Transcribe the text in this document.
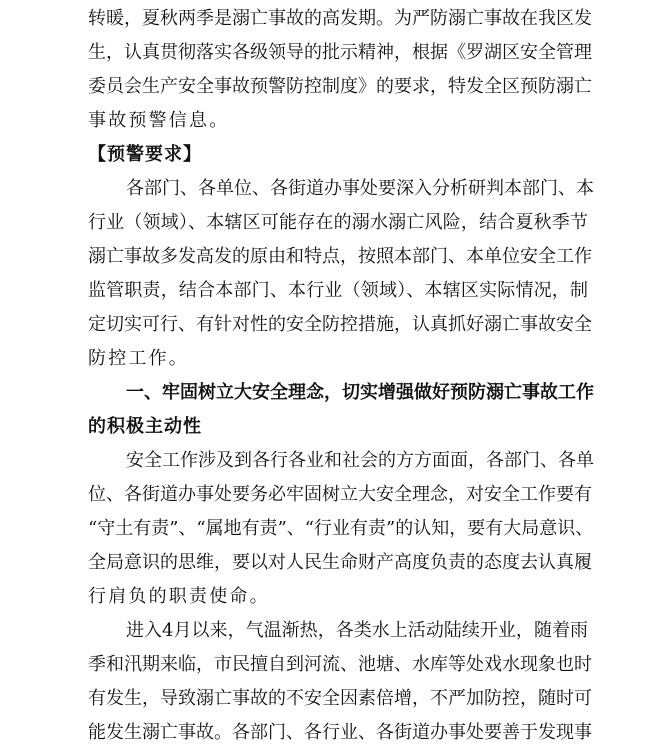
转暖，夏秋两季是溺亡事故的高发期。为严防溺亡事故在我区发
生，认真贯彻落实各级领导的批示精神，根据《罗湖区安全管理
委员会生产安全事故预警防控制度》的要求，特发全区预防溺亡
事故预警信息。
【预警要求】
各部门、各单位、各街道办事处要深入分析研判本部门、本
行业（领域）、本辖区可能存在的溺水溺亡风险，结合夏秋季节
溺亡事故多发高发的原由和特点，按照本部门、本单位安全工作
监管职责，结合本部门、本行业（领域）、本辖区实际情况，制
定切实可行、有针对性的安全防控措施，认真抓好溺亡事故安全
防控工作。
一、牢固树立大安全理念，切实增强做好预防溺亡事故工作
的积极主动性
安全工作涉及到各行各业和社会的方方面面，各部门、各单
位、各街道办事处要务必牢固树立大安全理念，对安全工作要有
“守土有责”、“属地有责”、“行业有责”的认知，要有大局意识、
全局意识的思维，要以对人民生命财产高度负责的态度去认真履
行肩负的职责使命。
进入4月以来，气温渐热，各类水上活动陆续开业，随着雨
季和汛期来临，市民擅自到河流、池塘、水库等处戏水现象也时
有发生，导致溺亡事故的不安全因素倍增，不严加防控，随时可
能发生溺亡事故。各部门、各行业、各街道办事处要善于发现事
